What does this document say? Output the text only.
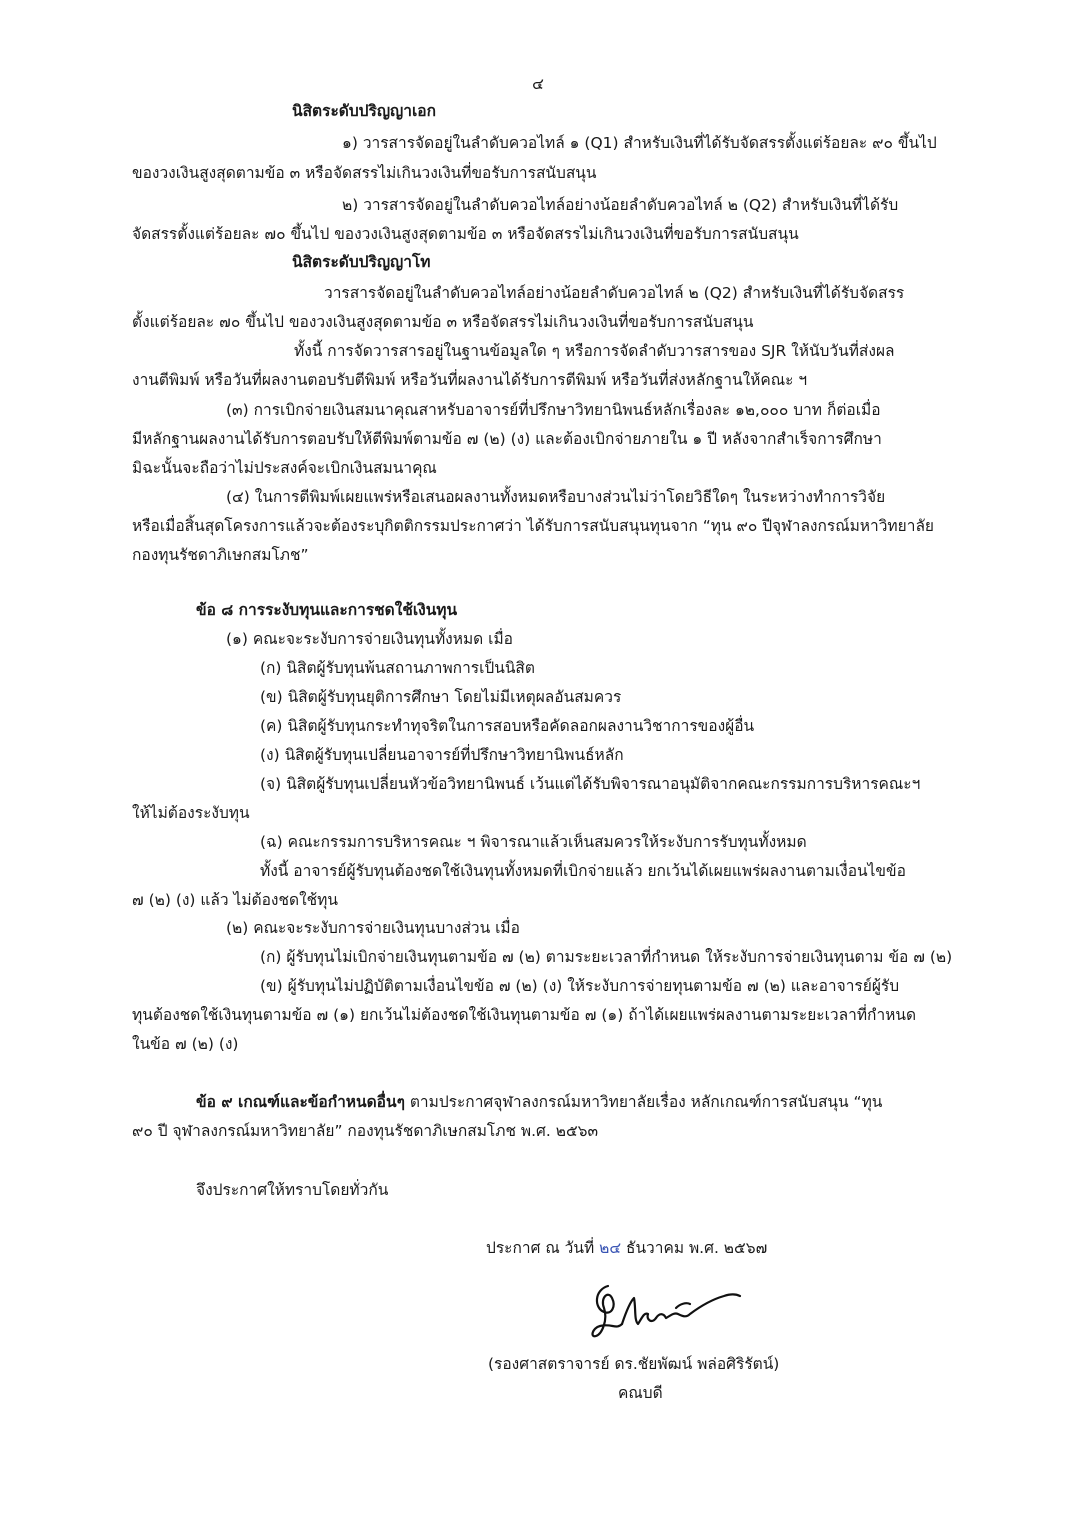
๔
นิสิตระดับปริญญาเอก
๑) วารสารจัดอยู่ในลำดับควอไทล์ ๑ (Q1) สำหรับเงินที่ได้รับจัดสรรตั้งแต่ร้อยละ ๙๐ ขึ้นไป
ของวงเงินสูงสุดตามข้อ ๓ หรือจัดสรรไม่เกินวงเงินที่ขอรับการสนับสนุน
๒) วารสารจัดอยู่ในลำดับควอไทล์อย่างน้อยลำดับควอไทล์ ๒ (Q2) สำหรับเงินที่ได้รับ
จัดสรรตั้งแต่ร้อยละ ๗๐ ขึ้นไป ของวงเงินสูงสุดตามข้อ ๓ หรือจัดสรรไม่เกินวงเงินที่ขอรับการสนับสนุน
นิสิตระดับปริญญาโท
วารสารจัดอยู่ในลำดับควอไทล์อย่างน้อยลำดับควอไทล์ ๒ (Q2) สำหรับเงินที่ได้รับจัดสรร
ตั้งแต่ร้อยละ ๗๐ ขึ้นไป ของวงเงินสูงสุดตามข้อ ๓ หรือจัดสรรไม่เกินวงเงินที่ขอรับการสนับสนุน
ทั้งนี้ การจัดวารสารอยู่ในฐานข้อมูลใด ๆ หรือการจัดลำดับวารสารของ SJR ให้นับวันที่ส่งผล
งานตีพิมพ์ หรือวันที่ผลงานตอบรับตีพิมพ์ หรือวันที่ผลงานได้รับการตีพิมพ์ หรือวันที่ส่งหลักฐานให้คณะ ฯ
(๓) การเบิกจ่ายเงินสมนาคุณสาหรับอาจารย์ที่ปรึกษาวิทยานิพนธ์หลักเรื่องละ ๑๒,๐๐๐ บาท ก็ต่อเมื่อ
มีหลักฐานผลงานได้รับการตอบรับให้ตีพิมพ์ตามข้อ ๗ (๒) (ง) และต้องเบิกจ่ายภายใน ๑ ปี หลังจากสำเร็จการศึกษา
มิฉะนั้นจะถือว่าไม่ประสงค์จะเบิกเงินสมนาคุณ
(๔) ในการตีพิมพ์เผยแพร่หรือเสนอผลงานทั้งหมดหรือบางส่วนไม่ว่าโดยวิธีใดๆ ในระหว่างทำการวิจัย
หรือเมื่อสิ้นสุดโครงการแล้วจะต้องระบุกิตติกรรมประกาศว่า ได้รับการสนับสนุนทุนจาก “ทุน ๙๐ ปีจุฬาลงกรณ์มหาวิทยาลัย
กองทุนรัชดาภิเษกสมโภช”
ข้อ ๘ การระงับทุนและการชดใช้เงินทุน
(๑) คณะจะระงับการจ่ายเงินทุนทั้งหมด เมื่อ
(ก) นิสิตผู้รับทุนพ้นสถานภาพการเป็นนิสิต
(ข) นิสิตผู้รับทุนยุติการศึกษา โดยไม่มีเหตุผลอันสมควร
(ค) นิสิตผู้รับทุนกระทำทุจริตในการสอบหรือคัดลอกผลงานวิชาการของผู้อื่น
(ง) นิสิตผู้รับทุนเปลี่ยนอาจารย์ที่ปรึกษาวิทยานิพนธ์หลัก
(จ) นิสิตผู้รับทุนเปลี่ยนหัวข้อวิทยานิพนธ์ เว้นแต่ได้รับพิจารณาอนุมัติจากคณะกรรมการบริหารคณะฯ
ให้ไม่ต้องระงับทุน
(ฉ) คณะกรรมการบริหารคณะ ฯ พิจารณาแล้วเห็นสมควรให้ระงับการรับทุนทั้งหมด
ทั้งนี้ อาจารย์ผู้รับทุนต้องชดใช้เงินทุนทั้งหมดที่เบิกจ่ายแล้ว ยกเว้นได้เผยแพร่ผลงานตามเงื่อนไขข้อ
๗ (๒) (ง) แล้ว ไม่ต้องชดใช้ทุน
(๒) คณะจะระงับการจ่ายเงินทุนบางส่วน เมื่อ
(ก) ผู้รับทุนไม่เบิกจ่ายเงินทุนตามข้อ ๗ (๒) ตามระยะเวลาที่กำหนด ให้ระงับการจ่ายเงินทุนตาม ข้อ ๗ (๒)
(ข) ผู้รับทุนไม่ปฏิบัติตามเงื่อนไขข้อ ๗ (๒) (ง) ให้ระงับการจ่ายทุนตามข้อ ๗ (๒) และอาจารย์ผู้รับ
ทุนต้องชดใช้เงินทุนตามข้อ ๗ (๑) ยกเว้นไม่ต้องชดใช้เงินทุนตามข้อ ๗ (๑) ถ้าได้เผยแพร่ผลงานตามระยะเวลาที่กำหนด
ในข้อ ๗ (๒) (ง)
ข้อ ๙ เกณฑ์และข้อกำหนดอื่นๆ ตามประกาศจุฬาลงกรณ์มหาวิทยาลัยเรื่อง หลักเกณฑ์การสนับสนุน “ทุน
๙๐ ปี จุฬาลงกรณ์มหาวิทยาลัย” กองทุนรัชดาภิเษกสมโภช พ.ศ. ๒๕๖๓
จึงประกาศให้ทราบโดยทั่วกัน
ประกาศ ณ วันที่ ๒๔ ธันวาคม พ.ศ. ๒๕๖๗
(รองศาสตราจารย์ ดร.ชัยพัฒน์ พล่อศิริรัตน์)
คณบดี
